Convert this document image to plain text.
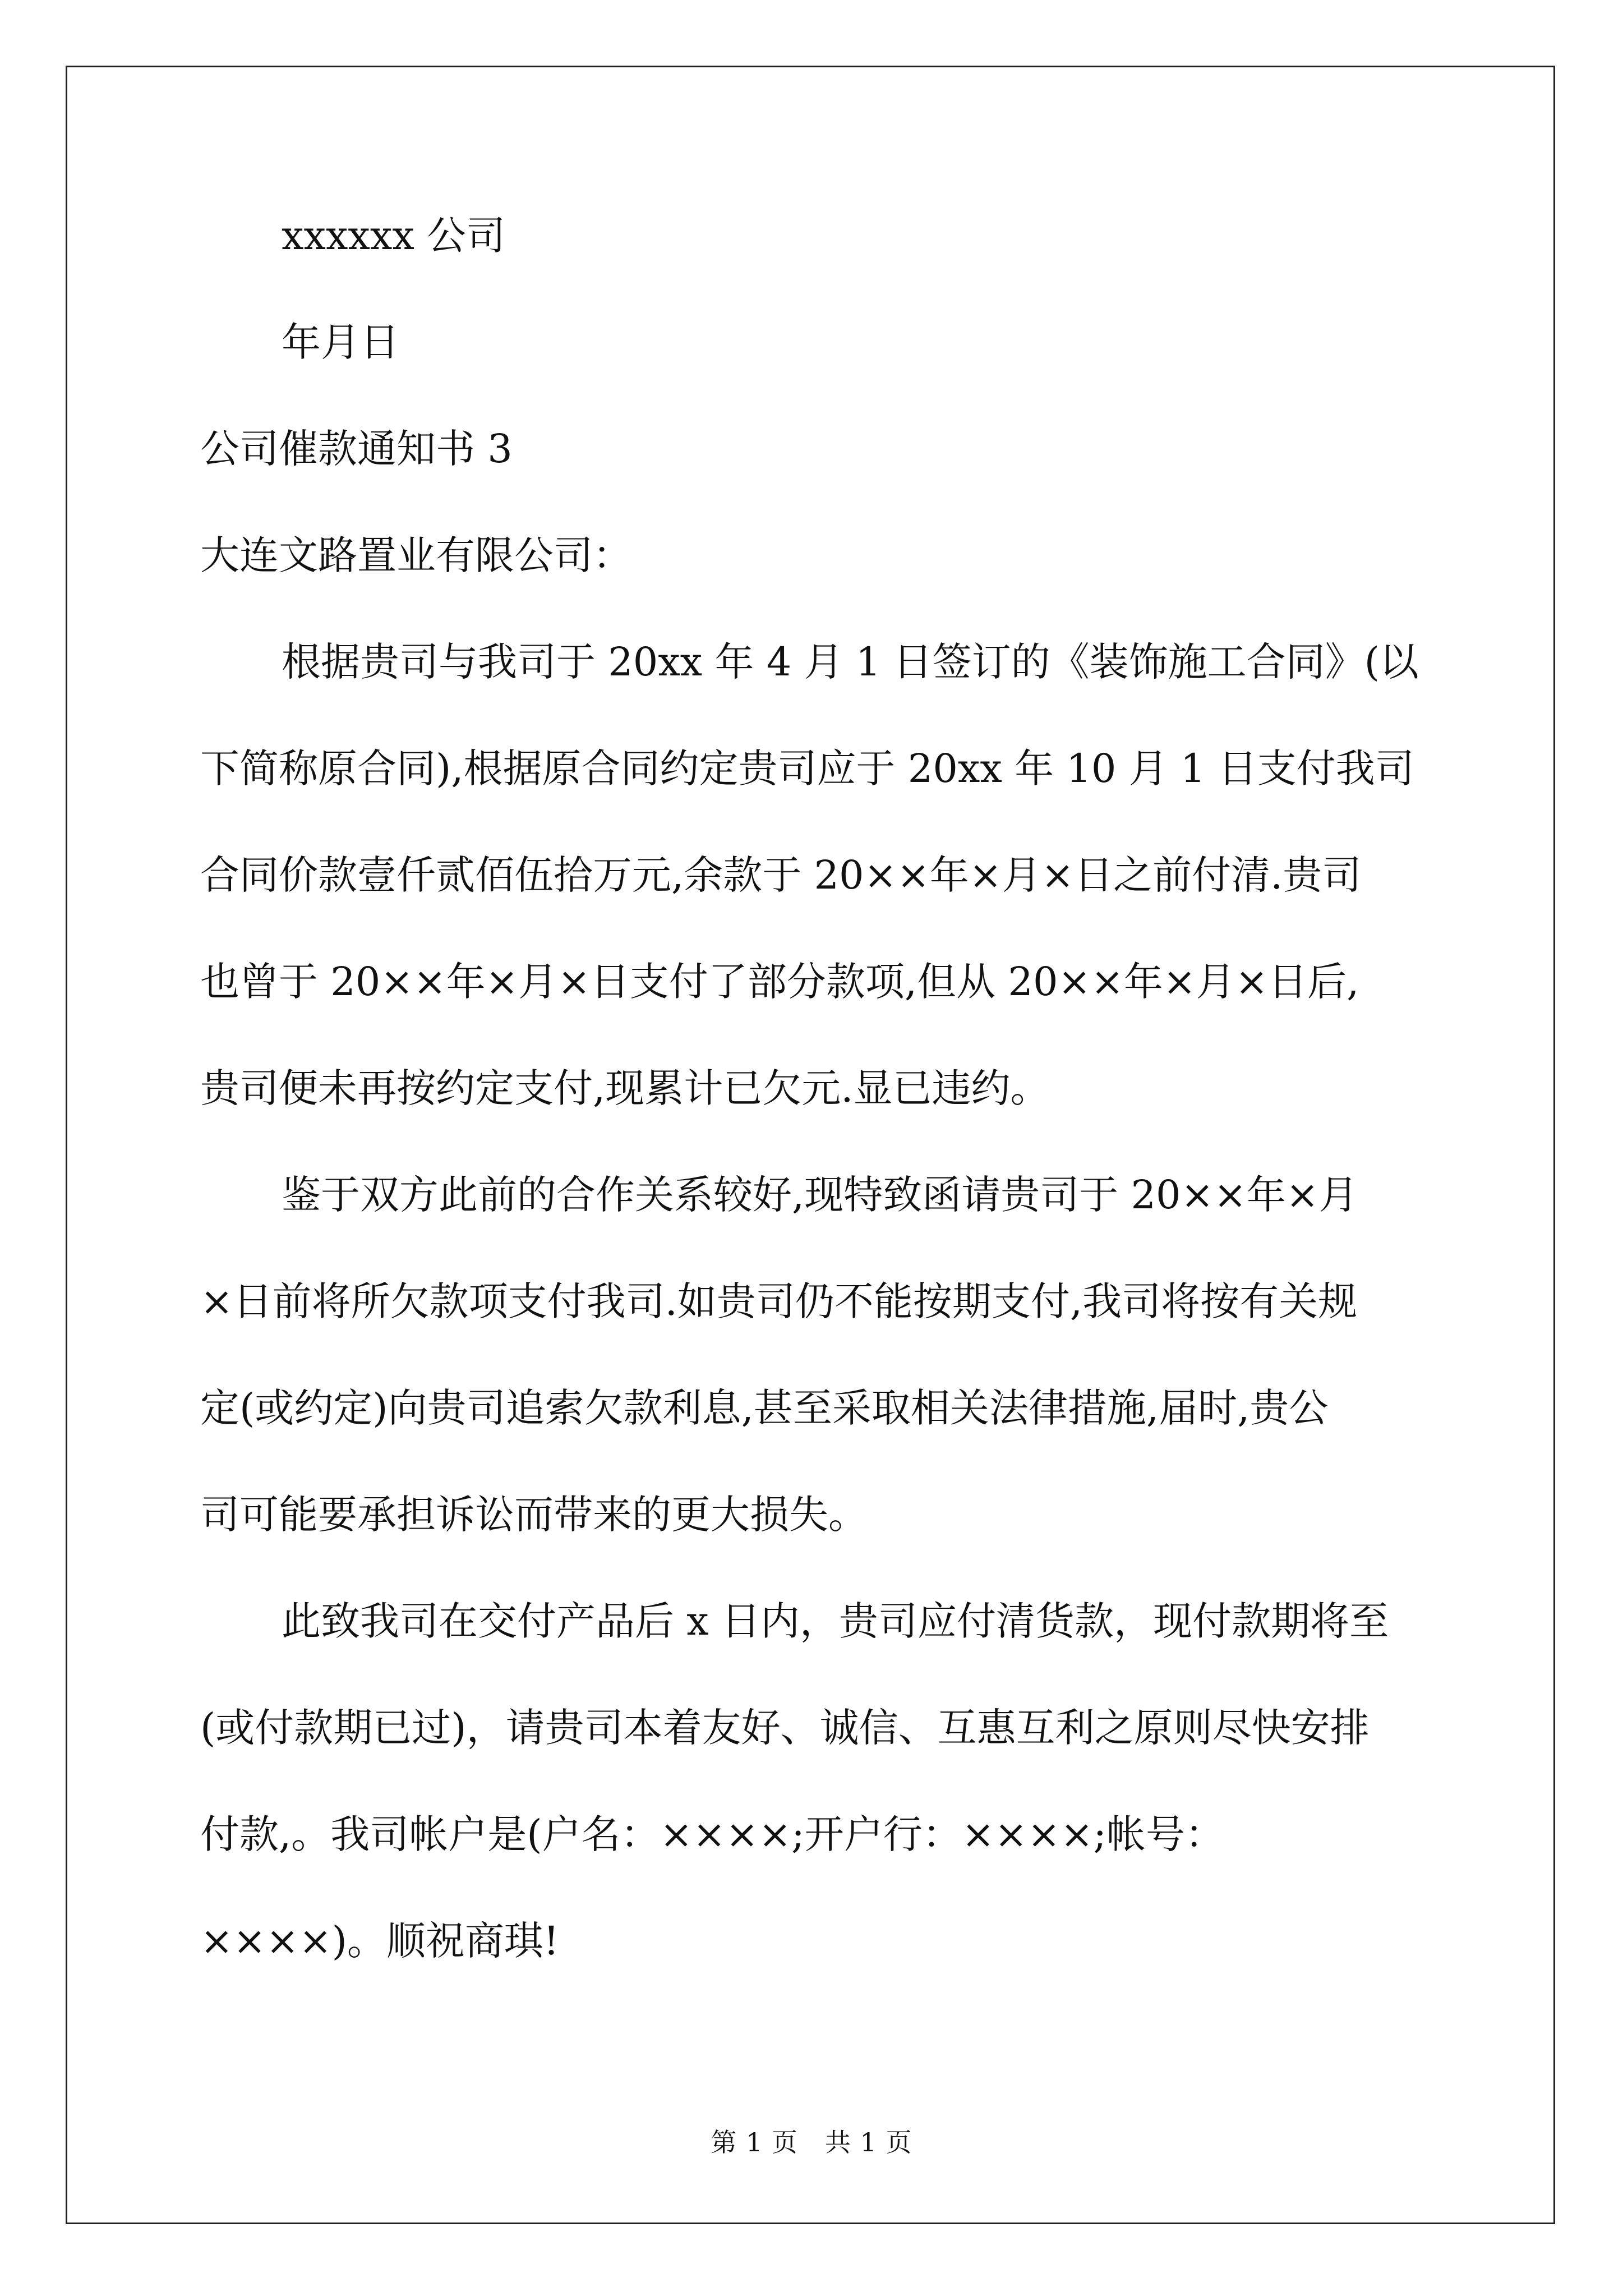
xxxxxx 公司
年月日
公司催款通知书 3
大连文路置业有限公司：
根据贵司与我司于 20xx 年 4 月 1 日签订的《装饰施工合同》(以
下简称原合同),根据原合同约定贵司应于 20xx 年 10 月 1 日支付我司
合同价款壹仟贰佰伍拾万元,余款于 20××年×月×日之前付清.贵司
也曾于 20××年×月×日支付了部分款项,但从 20××年×月×日后,
贵司便未再按约定支付,现累计已欠元.显已违约。
鉴于双方此前的合作关系较好,现特致函请贵司于 20××年×月
×日前将所欠款项支付我司.如贵司仍不能按期支付,我司将按有关规
定(或约定)向贵司追索欠款利息,甚至采取相关法律措施,届时,贵公
司可能要承担诉讼而带来的更大损失。
此致我司在交付产品后 x 日内，贵司应付清货款，现付款期将至
(或付款期已过)，请贵司本着友好、诚信、互惠互利之原则尽快安排
付款,。我司帐户是(户名：××××;开户行：××××;帐号：
××××)。顺祝商琪!
第 1 页 共 1 页
